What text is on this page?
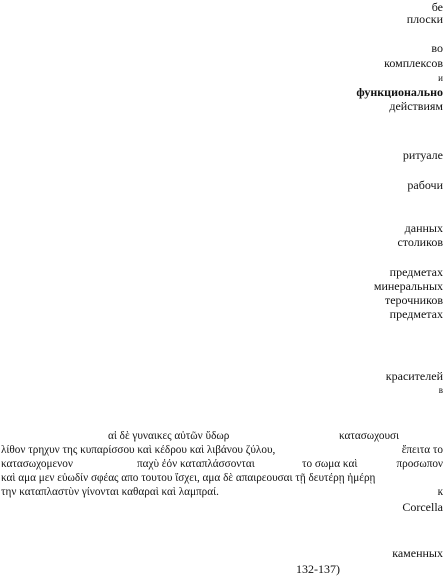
бе
плоски
во
комплексов
и
функционально
действиям
ритуале
рабочи
данных
столиков
предметах
минеральных
терочников
предметах
красителей
в
αἱ δὲ γυναικες αὐτῶν ὕδωρ	κατασωχουσι
λίθον τρηχυν της κυπαρίσσου καὶ κέδρου καὶ λιβάνου ζύλου,	ἔπειτα το
κατασωχομενον	παχὺ ἐόν καταπλάσσονται	το σωμα καὶ	προσωπον
καὶ αμα μεν εὐωδίν σφέας απο τουτου ἴσχει, αμα δὲ απαιρεουσαι τῇ δευτέρῃ ἡμέρῃ
την καταπλαστὺν γίνονται καθαραὶ καὶ λαμπραί.	к
Corcella
каменных
132-137)
